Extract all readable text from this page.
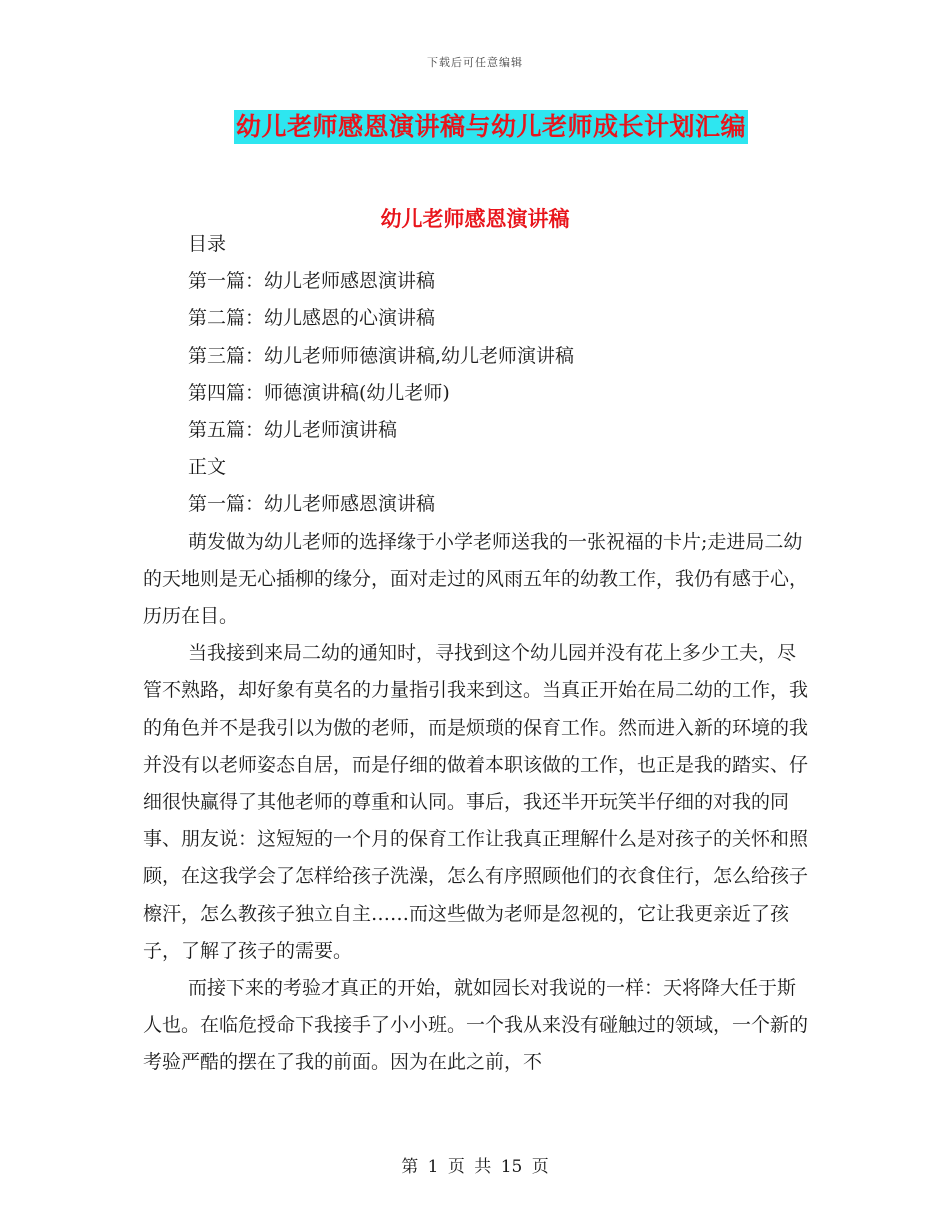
下载后可任意编辑
幼儿老师感恩演讲稿与幼儿老师成长计划汇编
幼儿老师感恩演讲稿

目录

第一篇：幼儿老师感恩演讲稿

第二篇：幼儿感恩的心演讲稿

第三篇：幼儿老师师德演讲稿,幼儿老师演讲稿

第四篇：师德演讲稿(幼儿老师)

第五篇：幼儿老师演讲稿

正文

第一篇：幼儿老师感恩演讲稿

萌发做为幼儿老师的选择缘于小学老师送我的一张祝福的卡片;走进局二幼的天地则是无心插柳的缘分，面对走过的风雨五年的幼教工作，我仍有感于心，历历在目。

当我接到来局二幼的通知时，寻找到这个幼儿园并没有花上多少工夫，尽管不熟路，却好象有莫名的力量指引我来到这。当真正开始在局二幼的工作，我的角色并不是我引以为傲的老师，而是烦琐的保育工作。然而进入新的环境的我并没有以老师姿态自居，而是仔细的做着本职该做的工作，也正是我的踏实、仔细很快赢得了其他老师的尊重和认同。事后，我还半开玩笑半仔细的对我的同事、朋友说：这短短的一个月的保育工作让我真正理解什么是对孩子的关怀和照顾，在这我学会了怎样给孩子洗澡，怎么有序照顾他们的衣食住行，怎么给孩子檫汗，怎么教孩子独立自主……而这些做为老师是忽视的，它让我更亲近了孩子，了解了孩子的需要。

而接下来的考验才真正的开始，就如园长对我说的一样：天将降大任于斯人也。在临危授命下我接手了小小班。一个我从来没有碰触过的领域，一个新的考验严酷的摆在了我的前面。因为在此之前，不

第 1 页 共 15 页
